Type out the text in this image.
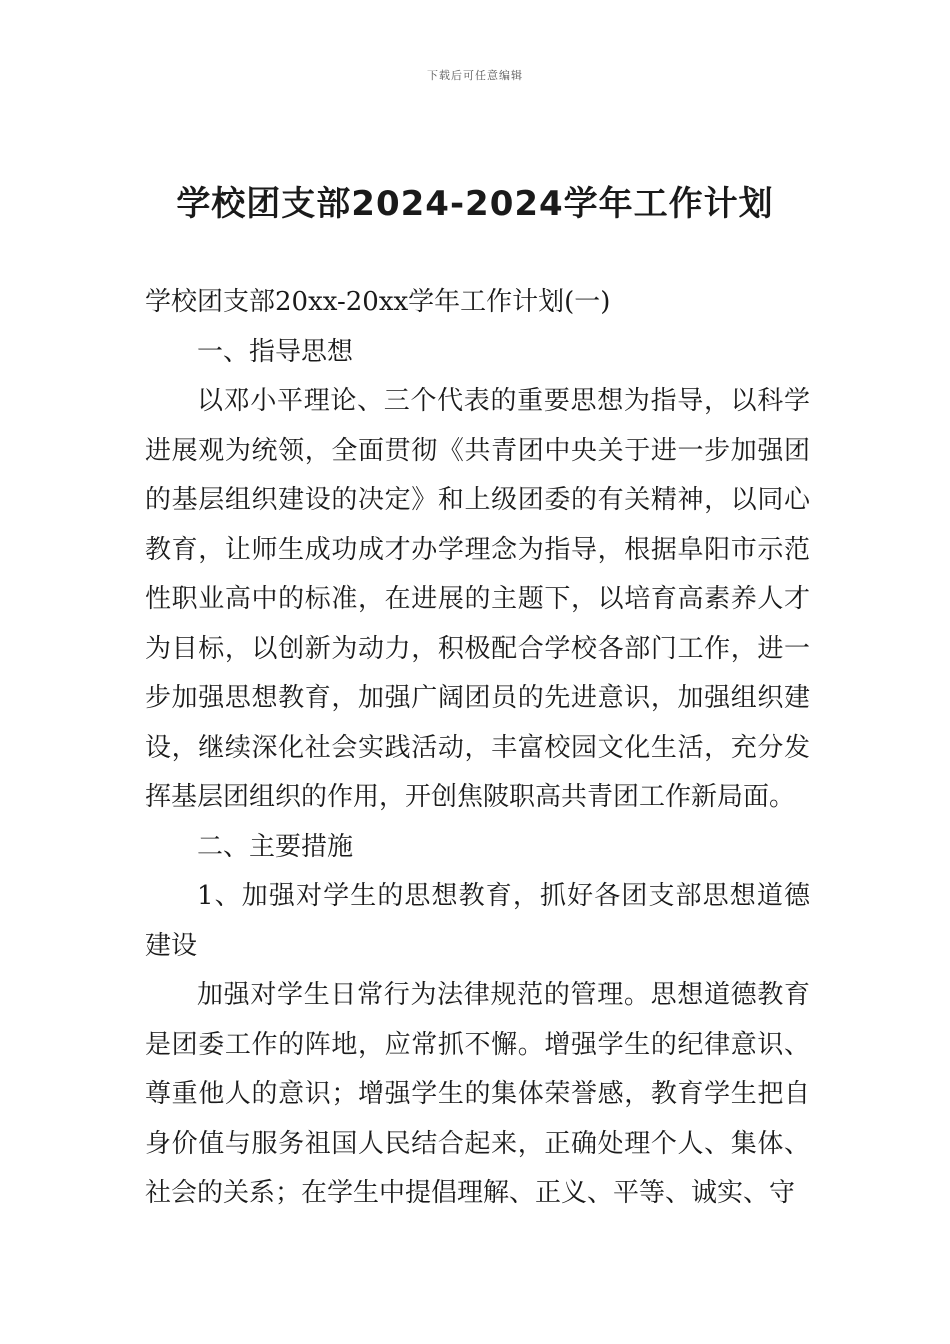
下载后可任意编辑
学校团支部2024-2024学年工作计划

学校团支部20xx-20xx学年工作计划(一)

一、指导思想

以邓小平理论、三个代表的重要思想为指导，以科学进展观为统领，全面贯彻《共青团中央关于进一步加强团的基层组织建设的决定》和上级团委的有关精神，以同心教育，让师生成功成才办学理念为指导，根据阜阳市示范性职业高中的标准，在进展的主题下，以培育高素养人才为目标，以创新为动力，积极配合学校各部门工作，进一步加强思想教育，加强广阔团员的先进意识，加强组织建设，继续深化社会实践活动，丰富校园文化生活，充分发挥基层团组织的作用，开创焦陂职高共青团工作新局面。

二、主要措施

1、加强对学生的思想教育，抓好各团支部思想道德建设

加强对学生日常行为法律规范的管理。思想道德教育是团委工作的阵地，应常抓不懈。增强学生的纪律意识、尊重他人的意识；增强学生的集体荣誉感，教育学生把自身价值与服务祖国人民结合起来，正确处理个人、集体、社会的关系；在学生中提倡理解、正义、平等、诚实、守
